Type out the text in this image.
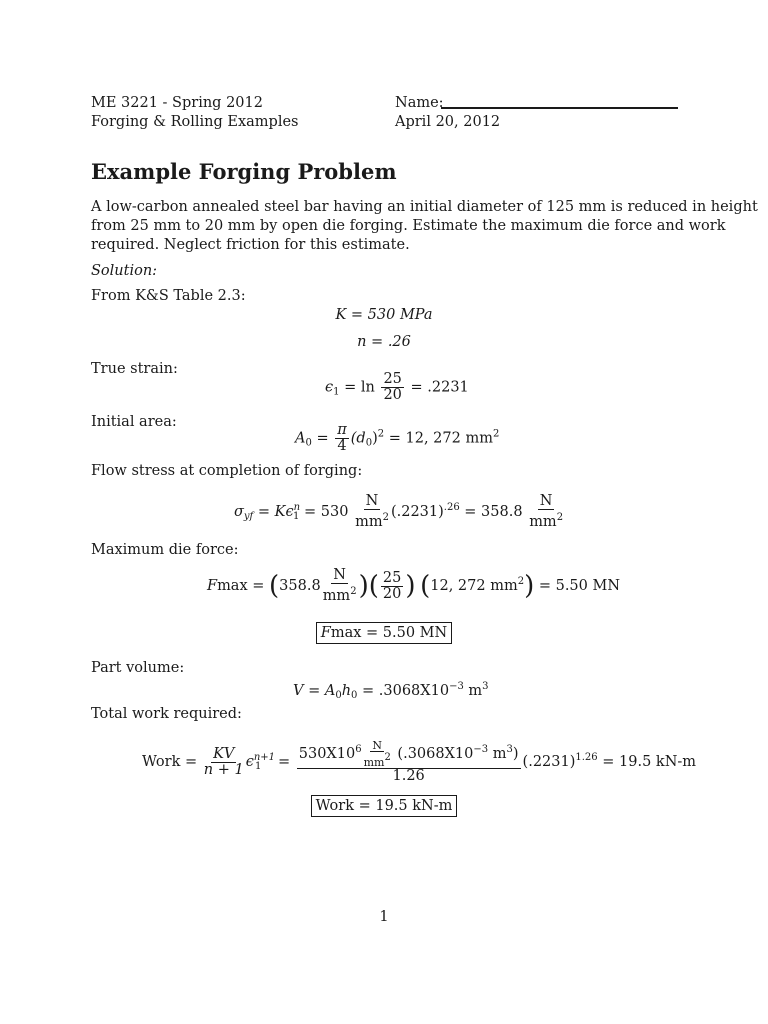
ME 3221 - Spring 2012
Forging & Rolling Examples
Name:
April 20, 2012
Example Forging Problem
A low-carbon annealed steel bar having an initial diameter of 125 mm is reduced in height
from 25 mm to 20 mm by open die forging. Estimate the maximum die force and work
required. Neglect friction for this estimate.
Solution:
From K&S Table 2.3:
K = 530 MPa
n = .26
True strain:
$\epsilon_1 = \ln \frac{25}{20} = .2231$
Initial area:
$A_0 = \frac{\pi}{4} (d_0)^2 = 12$, 272 $mm^2$
Flow stress at completion of forging:
$\sigma_{yf} = K\epsilon^n_1 = 530 \frac{N}{mm^2} (.2231)^{.26} = 358.8 \frac{N}{mm^2}$
Maximum die force:
$Fmax = (358.8 \frac{N}{mm^2}$ )( $\frac{25}{20}$ ) (12, 272 $mm^2) = 5.50$ MN
Fmax = 5.50 MN
Part volume:
$V = A_0h_0 = .3068X10^{-3}$ $m^3$
Total work required:
Work = $\frac{KV}{n + 1} \epsilon^{n+1}_1 = \frac{530X10^6 \frac{N}{mm2} (.3068X10^{-3} m^3)}{1.26} (.2231)^{1.26} = 19.5$ kN-m
Work = 19.5 kN-m
1
